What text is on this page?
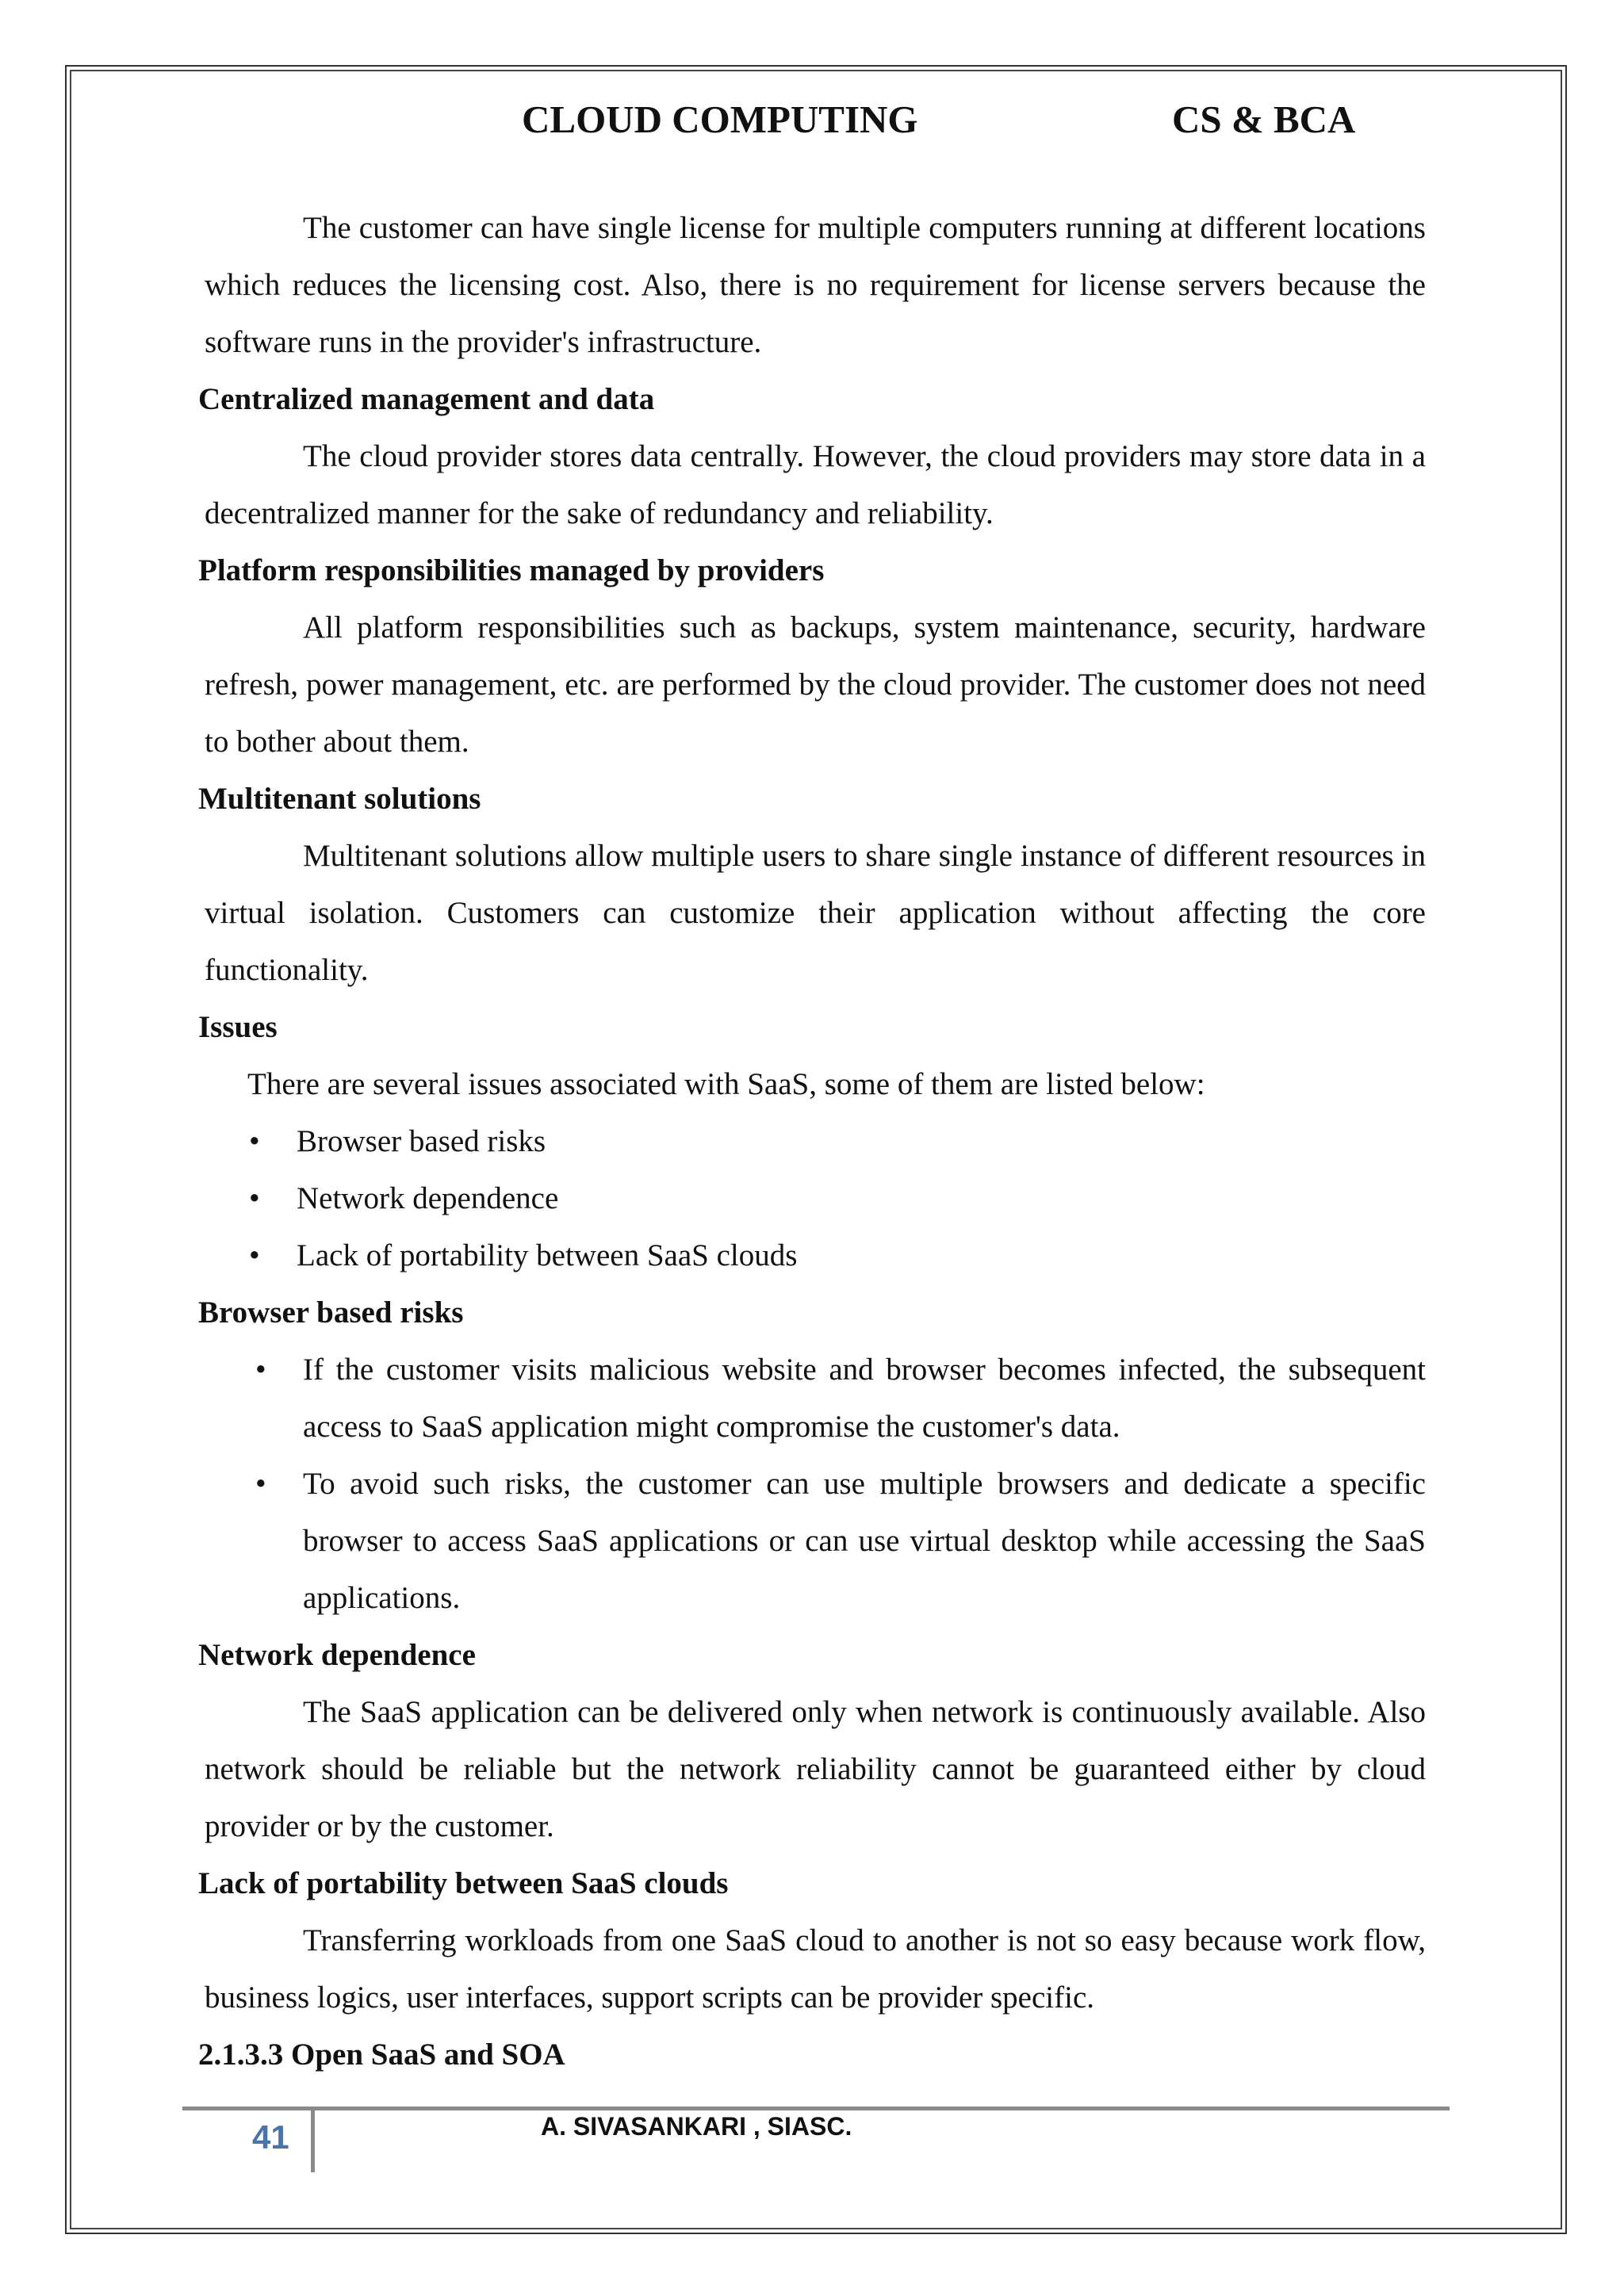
CLOUD COMPUTING	CS & BCA

The customer can have single license for multiple computers running at different locations which reduces the licensing cost. Also, there is no requirement for license servers because the software runs in the provider's infrastructure.

Centralized management and data

The cloud provider stores data centrally. However, the cloud providers may store data in a decentralized manner for the sake of redundancy and reliability.

Platform responsibilities managed by providers

All platform responsibilities such as backups, system maintenance, security, hardware refresh, power management, etc. are performed by the cloud provider. The customer does not need to bother about them.

Multitenant solutions

Multitenant solutions allow multiple users to share single instance of different resources in virtual isolation. Customers can customize their application without affecting the core functionality.

Issues

There are several issues associated with SaaS, some of them are listed below:

• Browser based risks
• Network dependence
• Lack of portability between SaaS clouds
Browser based risks
• If the customer visits malicious website and browser becomes infected, the subsequent access to SaaS application might compromise the customer's data.
• To avoid such risks, the customer can use multiple browsers and dedicate a specific browser to access SaaS applications or can use virtual desktop while accessing the SaaS applications.
Network dependence

The SaaS application can be delivered only when network is continuously available. Also network should be reliable but the network reliability cannot be guaranteed either by cloud provider or by the customer.

Lack of portability between SaaS clouds

Transferring workloads from one SaaS cloud to another is not so easy because work flow, business logics, user interfaces, support scripts can be provider specific.

2.1.3.3 Open SaaS and SOA
41	A. SIVASANKARI , SIASC.
